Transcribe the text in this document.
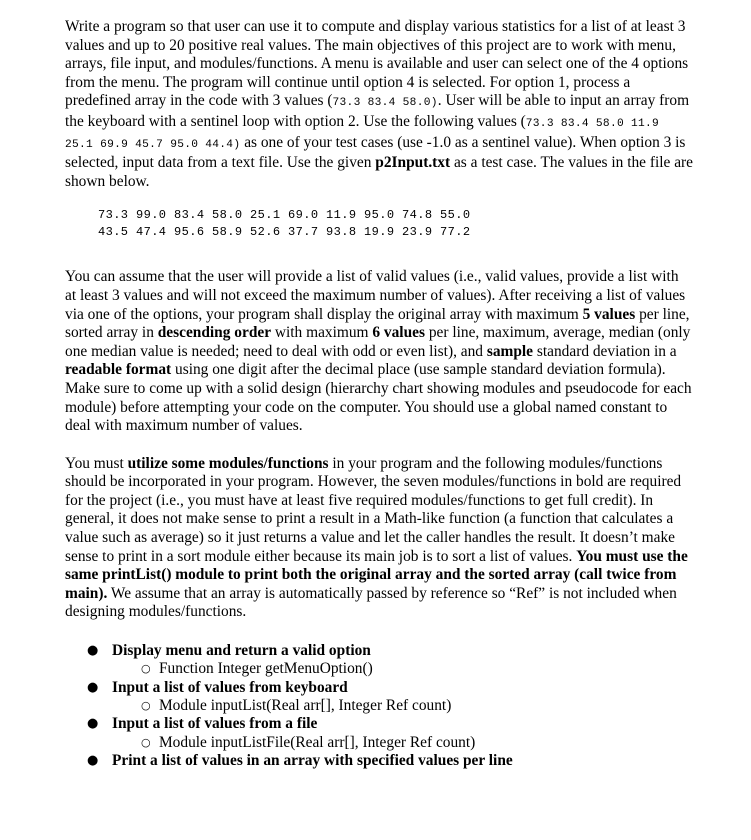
Write a program so that user can use it to compute and display various statistics for a list of at least 3 values and up to 20 positive real values. The main objectives of this project are to work with menu, arrays, file input, and modules/functions. A menu is available and user can select one of the 4 options from the menu. The program will continue until option 4 is selected. For option 1, process a predefined array in the code with 3 values (73.3 83.4 58.0). User will be able to input an array from the keyboard with a sentinel loop with option 2. Use the following values (73.3 83.4 58.0 11.9 25.1 69.9 45.7 95.0 44.4) as one of your test cases (use -1.0 as a sentinel value). When option 3 is selected, input data from a text file. Use the given p2Input.txt as a test case. The values in the file are shown below.

73.3 99.0 83.4 58.0 25.1 69.0 11.9 95.0 74.8 55.0
43.5 47.4 95.6 58.9 52.6 37.7 93.8 19.9 23.9 77.2

You can assume that the user will provide a list of valid values (i.e., valid values, provide a list with at least 3 values and will not exceed the maximum number of values). After receiving a list of values via one of the options, your program shall display the original array with maximum 5 values per line, sorted array in descending order with maximum 6 values per line, maximum, average, median (only one median value is needed; need to deal with odd or even list), and sample standard deviation in a readable format using one digit after the decimal place (use sample standard deviation formula). Make sure to come up with a solid design (hierarchy chart showing modules and pseudocode for each module) before attempting your code on the computer. You should use a global named constant to deal with maximum number of values.

You must utilize some modules/functions in your program and the following modules/functions should be incorporated in your program. However, the seven modules/functions in bold are required for the project (i.e., you must have at least five required modules/functions to get full credit). In general, it does not make sense to print a result in a Math-like function (a function that calculates a value such as average) so it just returns a value and let the caller handles the result. It doesn’t make sense to print in a sort module either because its main job is to sort a list of values. You must use the same printList() module to print both the original array and the sorted array (call twice from main). We assume that an array is automatically passed by reference so “Ref” is not included when designing modules/functions.

● Display menu and return a valid option
○ Function Integer getMenuOption()
● Input a list of values from keyboard
○ Module inputList(Real arr[], Integer Ref count)
● Input a list of values from a file
○ Module inputListFile(Real arr[], Integer Ref count)
● Print a list of values in an array with specified values per line
